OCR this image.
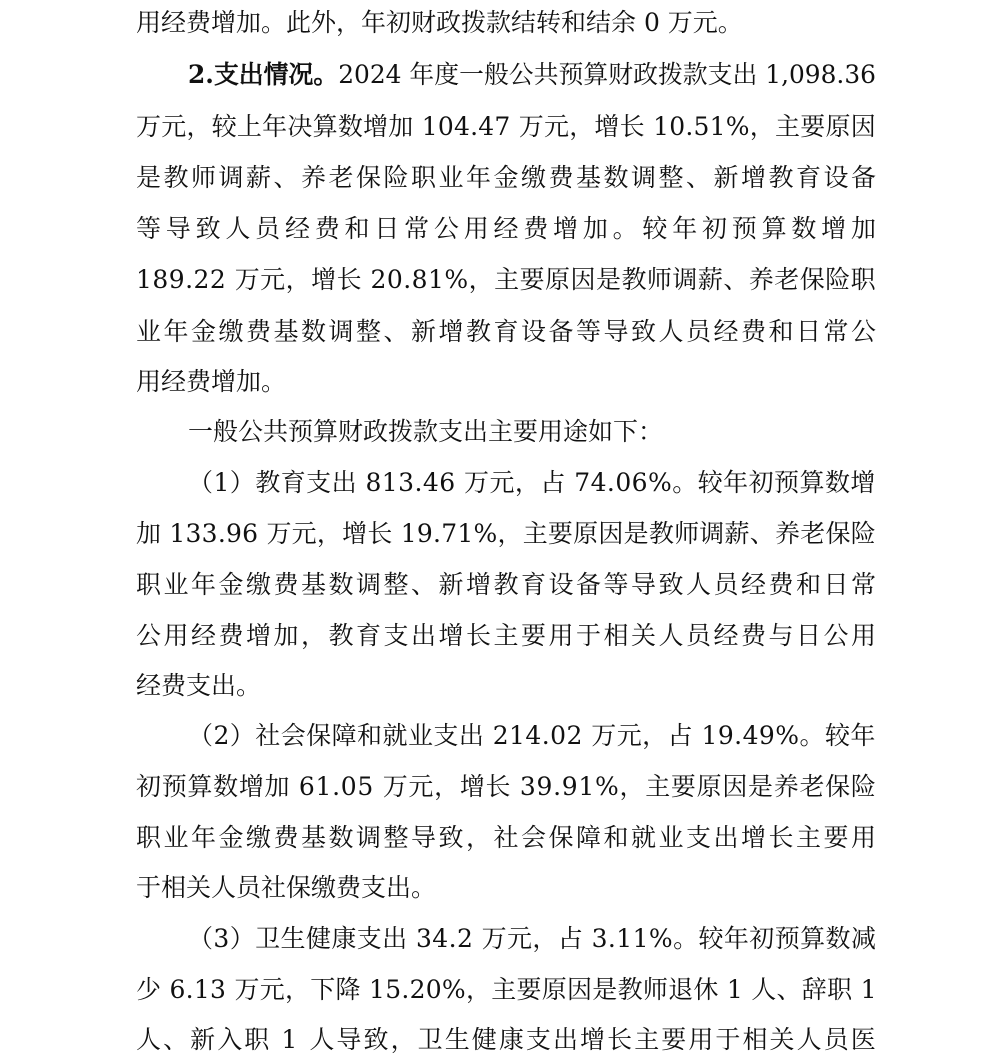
用经费增加。此外，年初财政拨款结转和结余 0 万元。
2.支出情况。2024 年度一般公共预算财政拨款支出 1,098.36
万元，较上年决算数增加 104.47 万元，增长 10.51%，主要原因
是教师调薪、养老保险职业年金缴费基数调整、新增教育设备
等导致人员经费和日常公用经费增加。较年初预算数增加
189.22 万元，增长 20.81%，主要原因是教师调薪、养老保险职
业年金缴费基数调整、新增教育设备等导致人员经费和日常公
用经费增加。
一般公共预算财政拨款支出主要用途如下：
（1）教育支出 813.46 万元，占 74.06%。较年初预算数增
加 133.96 万元，增长 19.71%，主要原因是教师调薪、养老保险
职业年金缴费基数调整、新增教育设备等导致人员经费和日常
公用经费增加，教育支出增长主要用于相关人员经费与日公用
经费支出。
（2）社会保障和就业支出 214.02 万元，占 19.49%。较年
初预算数增加 61.05 万元，增长 39.91%，主要原因是养老保险
职业年金缴费基数调整导致，社会保障和就业支出增长主要用
于相关人员社保缴费支出。
（3）卫生健康支出 34.2 万元，占 3.11%。较年初预算数减
少 6.13 万元，下降 15.20%，主要原因是教师退休 1 人、辞职 1
人、新入职 1 人导致，卫生健康支出增长主要用于相关人员医
